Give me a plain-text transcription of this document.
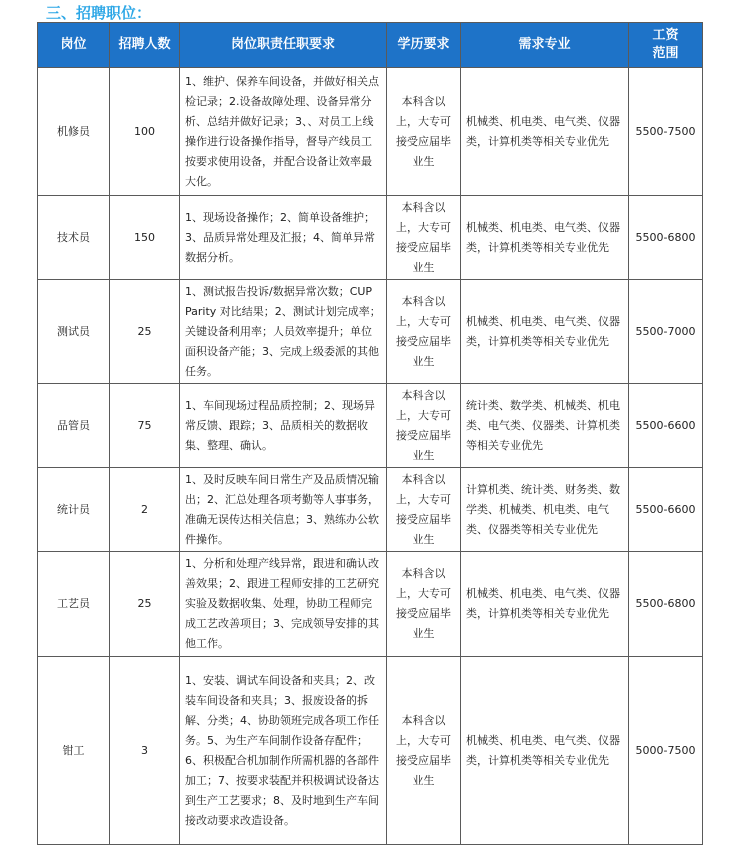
三、招聘职位：
岗位	招聘人数	岗位职责任职要求	学历要求	需求专业	工资范围
机修员	100	1、维护、保养车间设备，并做好相关点检记录；2.设备故障处理、设备异常分析、总结并做好记录；3、、对员工上线操作进行设备操作指导，督导产线员工按要求使用设备，并配合设备让效率最大化。	本科含以上，大专可接受应届毕业生	机械类、机电类、电气类、仪器类，计算机类等相关专业优先	5500-7500
技术员	150	1、现场设备操作；2、简单设备维护；3、品质异常处理及汇报；4、简单异常数据分析。	本科含以上，大专可接受应届毕业生	机械类、机电类、电气类、仪器类，计算机类等相关专业优先	5500-6800
测试员	25	1、测试报告投诉/数据异常次数；CUP Parity 对比结果；2、测试计划完成率；关键设备利用率；人员效率提升；单位面积设备产能；3、完成上级委派的其他任务。	本科含以上，大专可接受应届毕业生	机械类、机电类、电气类、仪器类，计算机类等相关专业优先	5500-7000
品管员	75	1、车间现场过程品质控制；2、现场异常反馈、跟踪；3、品质相关的数据收集、整理、确认。	本科含以上，大专可接受应届毕业生	统计类、数学类、机械类、机电类、电气类、仪器类、计算机类等相关专业优先	5500-6600
统计员	2	1、及时反映车间日常生产及品质情况输出；2、汇总处理各项考勤等人事事务，准确无误传达相关信息；3、熟练办公软件操作。	本科含以上，大专可接受应届毕业生	计算机类、统计类、财务类、数学类、机械类、机电类、电气类、仪器类等相关专业优先	5500-6600
工艺员	25	1、分析和处理产线异常，跟进和确认改善效果；2、跟进工程师安排的工艺研究实验及数据收集、处理，协助工程师完成工艺改善项目；3、完成领导安排的其他工作。	本科含以上，大专可接受应届毕业生	机械类、机电类、电气类、仪器类，计算机类等相关专业优先	5500-6800
钳工	3	1、安装、调试车间设备和夹具；2、改装车间设备和夹具；3、报废设备的拆解、分类；4、协助领班完成各项工作任务。5、为生产车间制作设备存配件；6、积极配合机加制作所需机器的各部件加工；7、按要求装配并积极调试设备达到生产工艺要求；8、及时地到生产车间接改动要求改造设备。	本科含以上，大专可接受应届毕业生	机械类、机电类、电气类、仪器类，计算机类等相关专业优先	5000-7500
